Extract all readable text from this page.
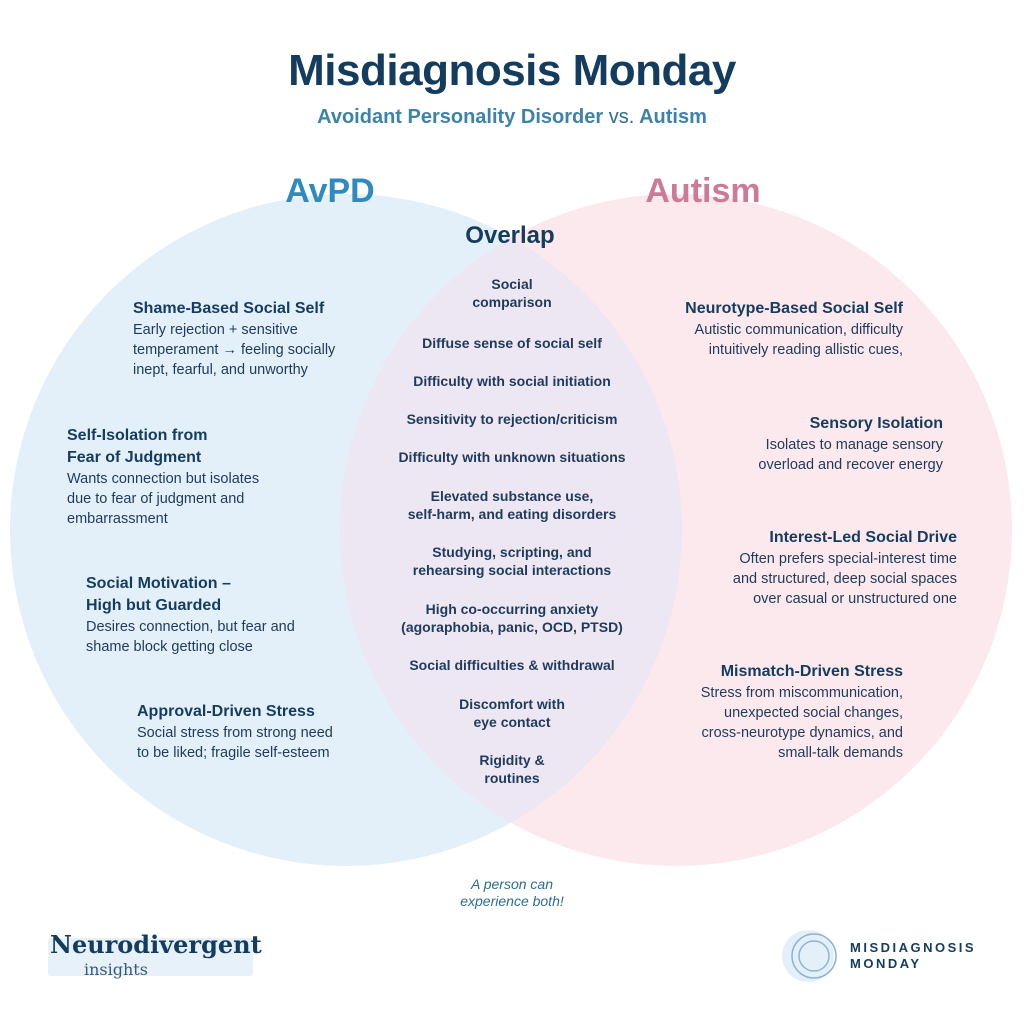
Misdiagnosis Monday
Avoidant Personality Disorder vs. Autism
AvPD	Autism
Overlap
Shame-Based Social Self
Early rejection + sensitive
temperament → feeling socially
inept, fearful, and unworthy
Self-Isolation from
Fear of Judgment
Wants connection but isolates
due to fear of judgment and
embarrassment
Social Motivation –
High but Guarded
Desires connection, but fear and
shame block getting close
Approval-Driven Stress
Social stress from strong need
to be liked; fragile self-esteem
Neurotype-Based Social Self
Autistic communication, difficulty
intuitively reading allistic cues,
Sensory Isolation
Isolates to manage sensory
overload and recover energy
Interest-Led Social Drive
Often prefers special-interest time
and structured, deep social spaces
over casual or unstructured one
Mismatch-Driven Stress
Stress from miscommunication,
unexpected social changes,
cross-neurotype dynamics, and
small-talk demands
Social
comparison
Diffuse sense of social self
Difficulty with social initiation
Sensitivity to rejection/criticism
Difficulty with unknown situations
Elevated substance use,
self-harm, and eating disorders
Studying, scripting, and
rehearsing social interactions
High co-occurring anxiety
(agoraphobia, panic, OCD, PTSD)
Social difficulties & withdrawal
Discomfort with
eye contact
Rigidity &
routines
A person can
experience both!
Neurodivergent
insights
MISDIAGNOSIS
MONDAY
